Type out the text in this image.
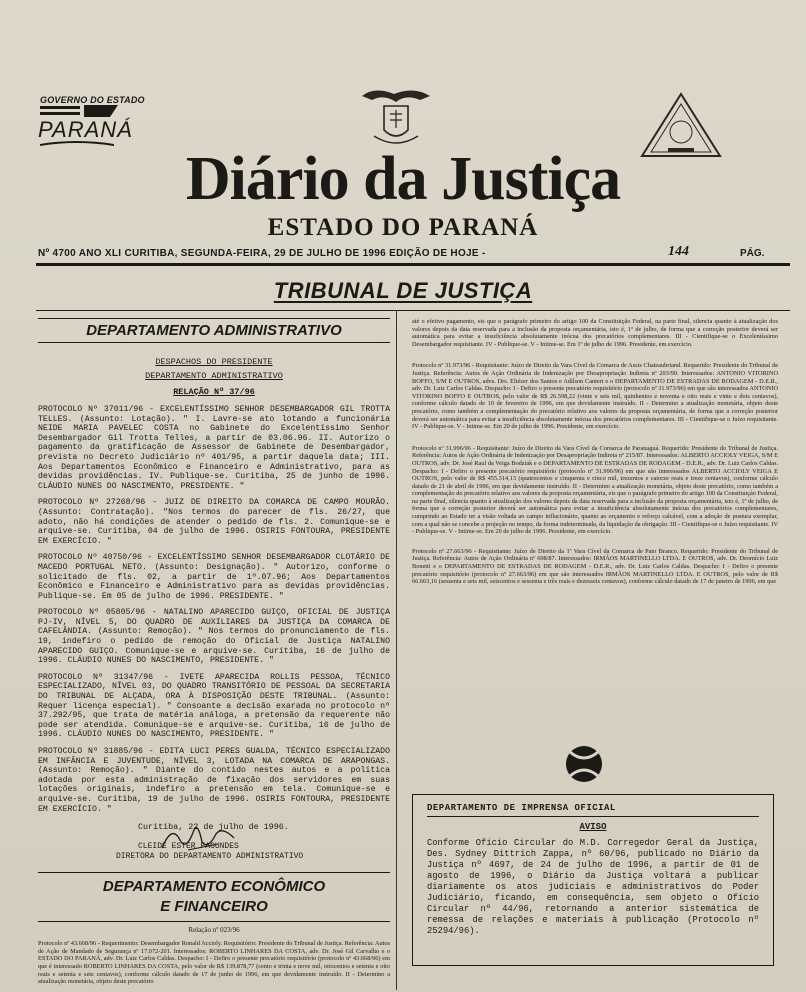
GOVERNO DO ESTADO
PARANÁ
Diário da Justiça
ESTADO DO PARANÁ
Nº 4700 ANO XLI CURITIBA, SEGUNDA-FEIRA, 29 DE JULHO DE 1996 EDIÇÃO DE HOJE -	144	PÁG.
TRIBUNAL DE JUSTIÇA
DEPARTAMENTO ADMINISTRATIVO
DESPACHOS DO PRESIDENTE
DEPARTAMENTO ADMINISTRATIVO
RELAÇÃO Nº 37/96

PROTOCOLO Nº 37011/96 - EXCELENTÍSSIMO SENHOR DESEMBARGADOR GIL TROTTA TELLES. (Assunto: Lotação). " I. Lavre-se ato lotando a funcionária NEIDE MARIA PAVELEC COSTA no Gabinete do Excelentíssimo Senhor Desembargador Gil Trotta Telles, a partir de 03.06.96. II. Autorizo o pagamento da gratificação de Assessor de Gabinete de Desembargador, prevista no Decreto Judiciário nº 401/95, a partir daquela data; III. Aos Departamentos Econômico e Financeiro e Administrativo, para as devidas providências. IV. Publique-se. Curitiba, 25 de junho de 1996. CLÁUDIO NUNES DO NASCIMENTO, PRESIDENTE. "

PROTOCOLO Nº 27268/96 - JUIZ DE DIREITO DA COMARCA DE CAMPO MOURÃO. (Assunto: Contratação). "Nos termos do parecer de fls. 26/27, que adoto, não há condições de atender o pedido de fls. 2. Comunique-se e arquive-se. Curitiba, 04 de julho de 1996. OSIRIS FONTOURA, PRESIDENTE EM EXERCÍCIO. "

PROTOCOLO Nº 40750/96 - EXCELENTÍSSIMO SENHOR DESEMBARGADOR CLOTÁRIO DE MACEDO PORTUGAL NETO. (Assunto: Designação). " Autorizo, conforme o solicitado de fls. 02, a partir de 1º.07.96; Aos Departamentos Econômico e Financeiro e Administrativo para as devidas providências. Publique-se. Em 05 de julho de 1996. PRESIDENTE. "

PROTOCOLO Nº 05805/96 - NATALINO APARECIDO GUIÇO, OFICIAL DE JUSTIÇA PJ-IV, NÍVEL 5, DO QUADRO DE AUXILIARES DA JUSTIÇA DA COMARCA DE CAFELÂNDIA. (Assunto: Remoção). " Nos termos do pronunciamento de fls. 19, indefiro o pedido de remoção do Oficial de Justiça NATALINO APARECIDO GUIÇO. Comunique-se e arquive-se. Curitiba, 16 de julho de 1996. CLÁUDIO NUNES DO NASCIMENTO, PRESIDENTE. "

PROTOCOLO Nº 31347/96 - IVETE APARECIDA ROLLIS PESSOA, TÉCNICO ESPECIALIZADO, NÍVEL 03, DO QUADRO TRANSITÓRIO DE PESSOAL DA SECRETARIA DO TRIBUNAL DE ALÇADA, ORA À DISPOSIÇÃO DESTE TRIBUNAL. (Assunto: Requer licença especial). " Consoante a decisão exarada no protocolo nº 37.292/95, que trata de matéria análoga, a pretensão da requerente não pode ser atendida. Comunique-se e arquive-se. Curitiba, 16 de julho de 1996. CLÁUDIO NUNES DO NASCIMENTO, PRESIDENTE. "

PROTOCOLO Nº 31885/96 - EDITA LUCI PERES GUALDA, TÉCNICO ESPECIALIZADO EM INFÂNCIA E JUVENTUDE, NÍVEL 3, LOTADA NA COMARCA DE ARAPONGAS. (Assunto: Remoção). " Diante do contido nestes autos e a política adotada por esta administração de fixação dos servidores em suas lotações originais, indefiro a pretensão em tela. Comunique-se e arquive-se. Curitiba, 19 de julho de 1996. OSIRIS FONTOURA, PRESIDENTE EM EXERCÍCIO. "

Curitiba, 22 de julho de 1996.
CLEIDE ESTER FAGUNDES
DIRETORA DO DEPARTAMENTO ADMINISTRATIVO
DEPARTAMENTO ECONÔMICO
E FINANCEIRO
Relação nº 023/96

Protocolo nº 43.668/96 - Requerimento: Desembargador Ronald Accioly. Requisitório: Presidente do Tribunal de Justiça. Referência: Autos de Ação de Mandado de Segurança nº 17.072-201. Interessados: ROBERTO LINHARES DA COSTA, adv. Dr. José Gil Carvalho e o ESTADO DO PARANÁ, adv. Dr. Luiz Carlos Caldas. Despacho: I - Defiro o presente precatório requisitório (protocolo nº 43.668/96) em que é interessado ROBERTO LINHARES DA COSTA, pelo valor de R$ 139.878,77 (cento e trinta e nove mil, oitocentos e setenta e oito reais e setenta e sete centavos), conforme cálculo datado de 17 de junho de 1996, em que devidamente instruído. II - Determino a atualização monetária, objeto deste precatório

até o efetivo pagamento, eis que o parágrafo primeiro do artigo 100 da Constituição Federal, na parte final, silencia quanto à atualização dos valores depois da data reservada para a inclusão da proposta orçamentária, isto é, 1º de julho, de forma que a correção posterior deverá ser automática para evitar a insuficiência absolutamente inócua dos precatórios complementares. III - Cientifique-se o Excelentíssimo Desembargador requisitante. IV - Publique-se. V - Intime-se. Em 1º de julho de 1996. Presidente, em exercício.

Protocolo nº 31.973/96 - Requisitante: Juízo de Direito da Vara Cível da Comarca de Assis Chateaubriand. Requerido: Presidente do Tribunal de Justiça. Referência: Autos de Ação Ordinária de Indenização por Desapropriação Indireta nº 203/90. Interessados: ANTONIO VITORINO BOFFO, S/M E OUTROS, advs. Drs. Eliézer dos Santos e Adílson Canteri e o DEPARTAMENTO DE ESTRADAS DE RODAGEM - D.E.R., adv. Dr. Luiz Carlos Caldas. Despacho: I - Defiro o presente precatório requisitório (protocolo nº 31.973/96) em que são interessados ANTONIO VITORINO BOFFO E OUTROS, pelo valor de R$ 26.598,22 (vinte e seis mil, quinhentos e noventa e oito reais e vinte e dois centavos), conforme cálculo datado de 10 de fevereiro de 1996, em que devidamente instruído. II - Determino a atualização monetária, objeto deste precatório, como também a complementação do precatório relativo aos valores da proposta orçamentária, de forma que a correção posterior deverá ser automática para evitar a insuficiência absolutamente inócua dos precatórios complementares. III - Cientifique-se o Juízo requisitante. IV - Publique-se. V - Intime-se. Em 20 de julho de 1996. Presidente, em exercício.

Protocolo nº 31.996/96 - Requisitante: Juízo de Direito da Vara Cível da Comarca de Paranaguá. Requerido: Presidente do Tribunal de Justiça. Referência: Autos de Ação Ordinária de Indenização por Desapropriação Indireta nº 215/87. Interessados: ALBERTO ACCIOLY VEIGA, S/M E OUTROS, adv. Dr. José Raul da Veiga Bodziak e o DEPARTAMENTO DE ESTRADAS DE RODAGEM - D.E.R., adv. Dr. Luiz Carlos Caldas. Despacho: I - Defiro o presente precatório requisitório (protocolo nº 31.996/96) em que são interessados ALBERTO ACCIOLY VEIGA E OUTROS, pelo valor de R$ 455.314,13 (quatrocentos e cinquenta e cinco mil, trezentos e catorze reais e treze centavos), conforme cálculo datado de 21 de abril de 1996, em que devidamente instruído. II - Determino a atualização monetária, objeto deste precatório, como também a complementação do precatório relativo aos valores da proposta orçamentária, eis que o parágrafo primeiro do artigo 100 da Constituição Federal, na parte final, silencia quanto à atualização dos valores depois da data reservada para a inclusão da proposta orçamentária, isto é, 1º de julho, de forma que a correção posterior deverá ser automática para evitar a insuficiência absolutamente inócua dos precatórios complementares, cumprindo ao Estado ter a visão voltada ao campo inflacionário, quanto ao orçamento e reforço calcável, com a adoção de postura exemplar, com a qual não se concebe a projeção no tempo, da forma indeterminada, da liquidação da obrigação. III - Cientifique-se o Juízo requisitante. IV - Publique-se. V - Intime-se. Em 20 de julho de 1996. Presidente, em exercício.

Protocolo nº 27.663/96 - Requisitante: Juízo de Direito da 1ª Vara Cível da Comarca de Pato Branco. Requerido: Presidente do Tribunal de Justiça. Referência: Autos de Ação Ordinária nº 698/87. Interessados: IRMÃOS MARTINELLO LTDA. E OUTROS, adv. Dr. Deomício Luiz Bonetti e o DEPARTAMENTO DE ESTRADAS DE RODAGEM - D.E.R., adv. Dr. Luiz Carlos Caldas. Despacho: I - Defiro o presente precatório requisitório (protocolo nº 27.663/96) em que são interessados IRMÃOS MARTINELLO LTDA. E OUTROS, pelo valor de R$ 66.663,16 (sessenta e seis mil, seiscentos e sessenta e três reais e dezesseis centavos), conforme cálculo datado de 17 de janeiro de 1996, em que

DEPARTAMENTO DE IMPRENSA OFICIAL
AVISO

Conforme Ofício Circular do M.D. Corregedor Geral da Justiça, Des. Sydney Dittrich Zappa, nº 60/96, publicado no Diário da Justiça nº 4697, de 24 de julho de 1996, a partir de 01 de agosto de 1996, o Diário da Justiça voltará a publicar diariamente os atos judiciais e administrativos do Poder Judiciário, ficando, em consequência, sem objeto o Ofício Circular nº 44/96, retornando a anterior sistemática de remessa de relações e materiais à publicação (Protocolo nº 25294/96).
